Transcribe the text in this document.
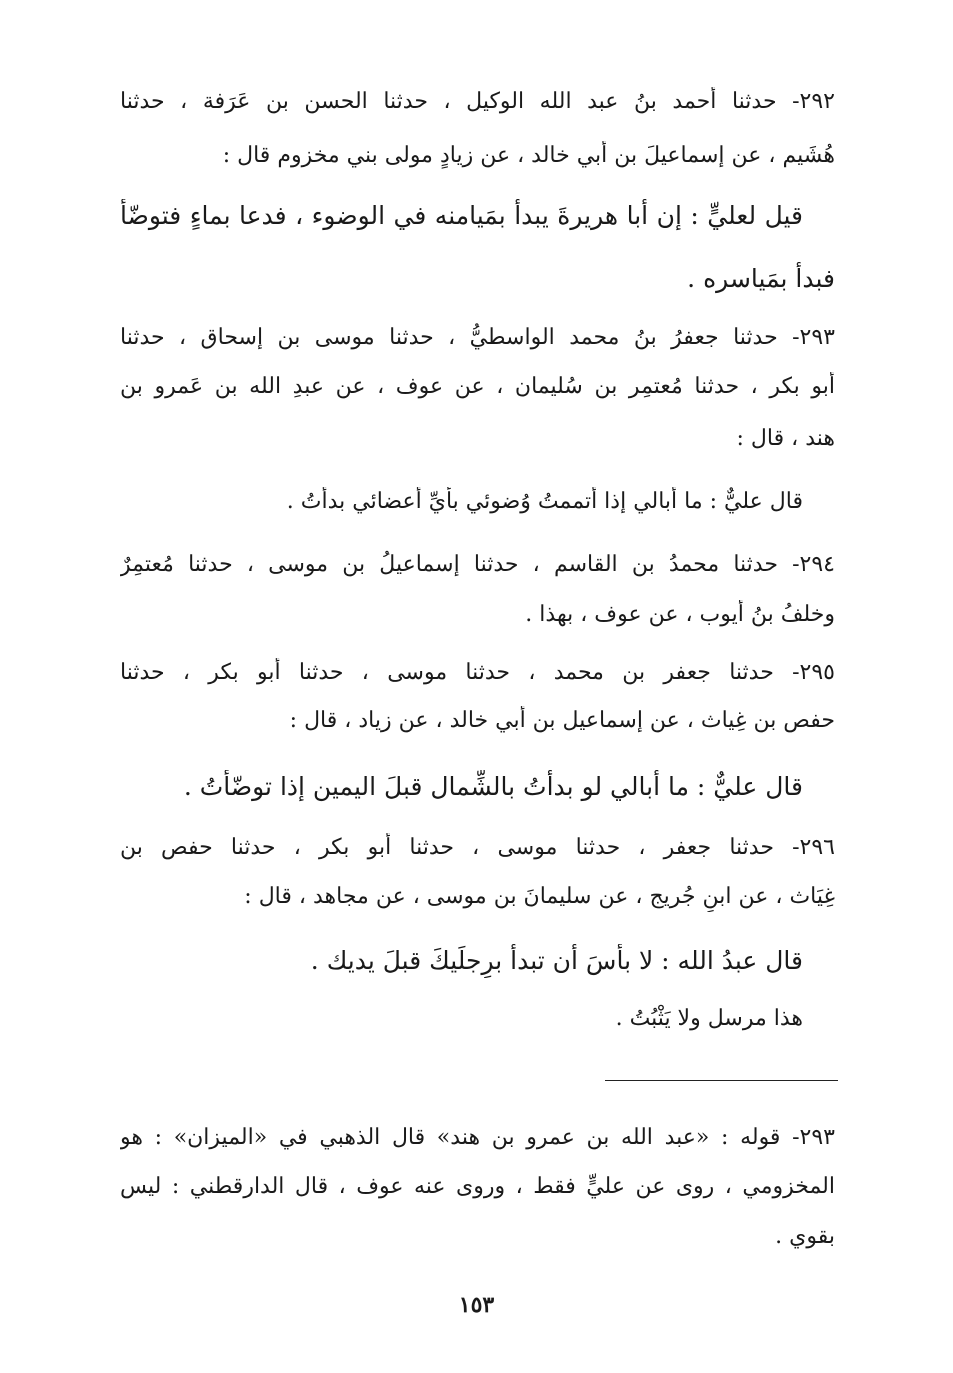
٢٩٢- حدثنا أحمد بنُ عبد الله الوكيل ، حدثنا الحسن بن عَرَفة ، حدثنا
هُشَيم ، عن إسماعيلَ بن أبي خالد ، عن زيادٍ مولى بني مخزوم قال :
قيل لعليٍّ : إن أبا هريرةَ يبدأُ بمَيامنه في الوضوء ، فدعا بماءٍ فتوضّأَ
فبدأَ بمَياسره .
٢٩٣- حدثنا جعفرُ بنُ محمد الواسطيُّ ، حدثنا موسى بن إسحاق ، حدثنا
أبو بكر ، حدثنا مُعتمِر بن سُليمان ، عن عوف ، عن عبدِ الله بن عَمرو بن
هند ، قال :
قال عليٌّ : ما أُبالي إذا أتممتُ وُضوئي بأيِّ أعضائي بدأتُ .
٢٩٤- حدثنا محمدُ بن القاسم ، حدثنا إسماعيلُ بن موسى ، حدثنا مُعتمِرٌ
وخلفُ بنُ أيوب ، عن عوف ، بهذا .
٢٩٥- حدثنا جعفر بن محمد ، حدثنا موسى ، حدثنا أبو بكر ، حدثنا
حفص بن غِياث ، عن إسماعيل بن أبي خالد ، عن زياد ، قال :
قال عليٌّ : ما أُبالي لو بدأتُ بالشِّمال قبلَ اليمين إذا توضّأْتُ .
٢٩٦- حدثنا جعفر ، حدثنا موسى ، حدثنا أبو بكر ، حدثنا حفص بن
غِيَاث ، عن ابنِ جُريج ، عن سليمانَ بن موسى ، عن مجاهد ، قال :
قال عبدُ الله : لا بأسَ أن تبدأ برِجلَيكَ قبلَ يديك .
هذا مرسل ولا يَثْبُتُ .
٢٩٣- قوله : «عبد الله بن عمرو بن هند» قال الذهبي في «الميزان» : هو
المخزومي ، روى عن عليٍّ فقط ، وروى عنه عوف ، قال الدارقطني : ليس
بقوي .
١٥٣
